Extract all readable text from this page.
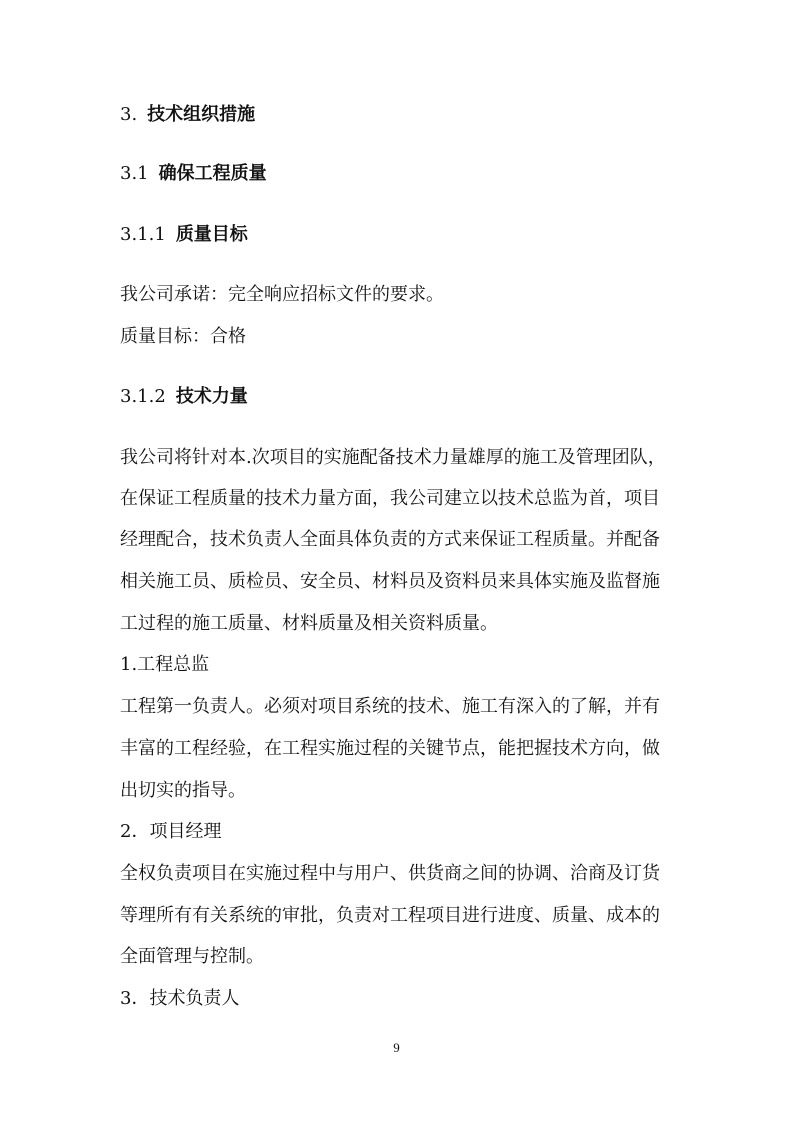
3. 技术组织措施

3.1 确保工程质量

3.1.1 质量目标

我公司承诺：完全响应招标文件的要求。

质量目标：合格

3.1.2 技术力量

我公司将针对本.次项目的实施配备技术力量雄厚的施工及管理团队，

在保证工程质量的技术力量方面，我公司建立以技术总监为首，项目

经理配合，技术负责人全面具体负责的方式来保证工程质量。并配备

相关施工员、质检员、安全员、材料员及资料员来具体实施及监督施

工过程的施工质量、材料质量及相关资料质量。

1.工程总监

工程第一负责人。必须对项目系统的技术、施工有深入的了解，并有

丰富的工程经验，在工程实施过程的关键节点，能把握技术方向，做

出切实的指导。

2．项目经理

全权负责项目在实施过程中与用户、供货商之间的协调、洽商及订货

等理所有有关系统的审批，负责对工程项目进行进度、质量、成本的

全面管理与控制。

3．技术负责人

9
